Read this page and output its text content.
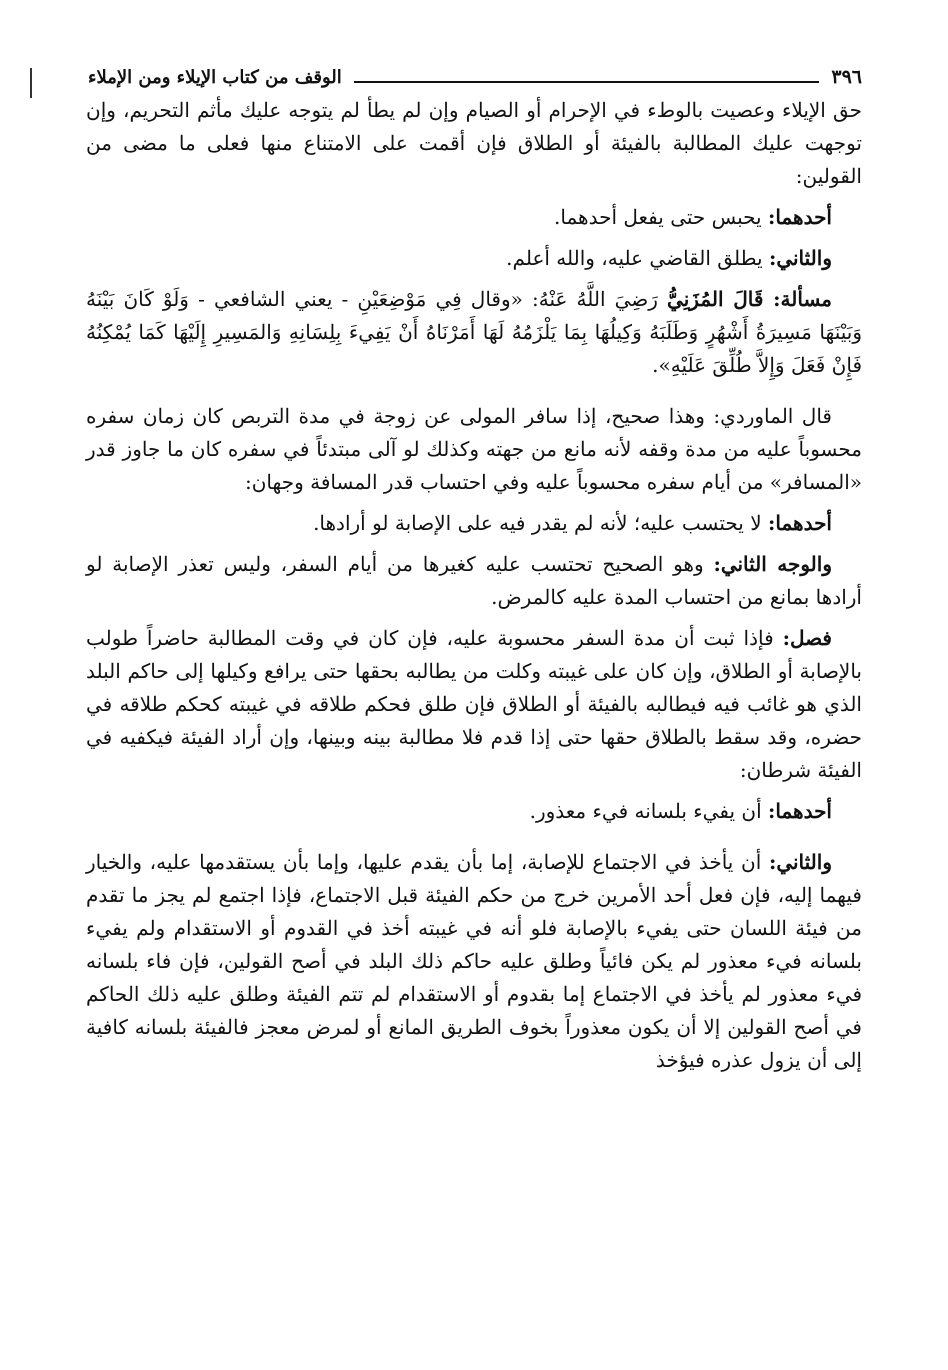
٣٩٦
الوقف من كتاب الإيلاء ومن الإملاء

حق الإيلاء وعصيت بالوطء في الإحرام أو الصيام وإن لم يطأ لم يتوجه عليك مأثم التحريم، وإن توجهت عليك المطالبة بالفيئة أو الطلاق فإن أقمت على الامتناع منها فعلى ما مضى من القولين:

أحدهما: يحبس حتى يفعل أحدهما.

والثاني: يطلق القاضي عليه، والله أعلم.

مسألة: قَالَ المُزَنِيُّ رَضِيَ اللَّهُ عَنْهُ: «وقال فِي مَوْضِعَيْنِ - يعني الشافعي - وَلَوْ كَانَ بَيْنَهُ وَبَيْنَهَا مَسِيرَةُ أَشْهُرٍ وَطَلَبَهُ وَكِيلُهَا بِمَا يَلْزَمُهُ لَهَا أَمَرْنَاهُ أَنْ يَفِيءَ بِلِسَانِهِ وَالمَسِيرِ إِلَيْهَا كَمَا يُمْكِنُهُ فَإِنْ فَعَلَ وَإِلاَّ طُلِّقَ عَلَيْهِ».

قال الماوردي: وهذا صحيح، إذا سافر المولى عن زوجة في مدة التربص كان زمان سفره محسوباً عليه من مدة وقفه لأنه مانع من جهته وكذلك لو آلى مبتدئاً في سفره كان ما جاوز قدر «المسافر» من أيام سفره محسوباً عليه وفي احتساب قدر المسافة وجهان:

أحدهما: لا يحتسب عليه؛ لأنه لم يقدر فيه على الإصابة لو أرادها.

والوجه الثاني: وهو الصحيح تحتسب عليه كغيرها من أيام السفر، وليس تعذر الإصابة لو أرادها بمانع من احتساب المدة عليه كالمرض.

فصل: فإذا ثبت أن مدة السفر محسوبة عليه، فإن كان في وقت المطالبة حاضراً طولب بالإصابة أو الطلاق، وإن كان على غيبته وكلت من يطالبه بحقها حتى يرافع وكيلها إلى حاكم البلد الذي هو غائب فيه فيطالبه بالفيئة أو الطلاق فإن طلق فحكم طلاقه في غيبته كحكم طلاقه في حضره، وقد سقط بالطلاق حقها حتى إذا قدم فلا مطالبة بينه وبينها، وإن أراد الفيئة فيكفيه في الفيئة شرطان:

أحدهما: أن يفيء بلسانه فيء معذور.

والثاني: أن يأخذ في الاجتماع للإصابة، إما بأن يقدم عليها، وإما بأن يستقدمها عليه، والخيار فيهما إليه، فإن فعل أحد الأمرين خرج من حكم الفيئة قبل الاجتماع، فإذا اجتمع لم يجز ما تقدم من فيئة اللسان حتى يفيء بالإصابة فلو أنه في غيبته أخذ في القدوم أو الاستقدام ولم يفيء بلسانه فيء معذور لم يكن فائياً وطلق عليه حاكم ذلك البلد في أصح القولين، فإن فاء بلسانه فيء معذور لم يأخذ في الاجتماع إما بقدوم أو الاستقدام لم تتم الفيئة وطلق عليه ذلك الحاكم في أصح القولين إلا أن يكون معذوراً بخوف الطريق المانع أو لمرض معجز فالفيئة بلسانه كافية إلى أن يزول عذره فيؤخذ
